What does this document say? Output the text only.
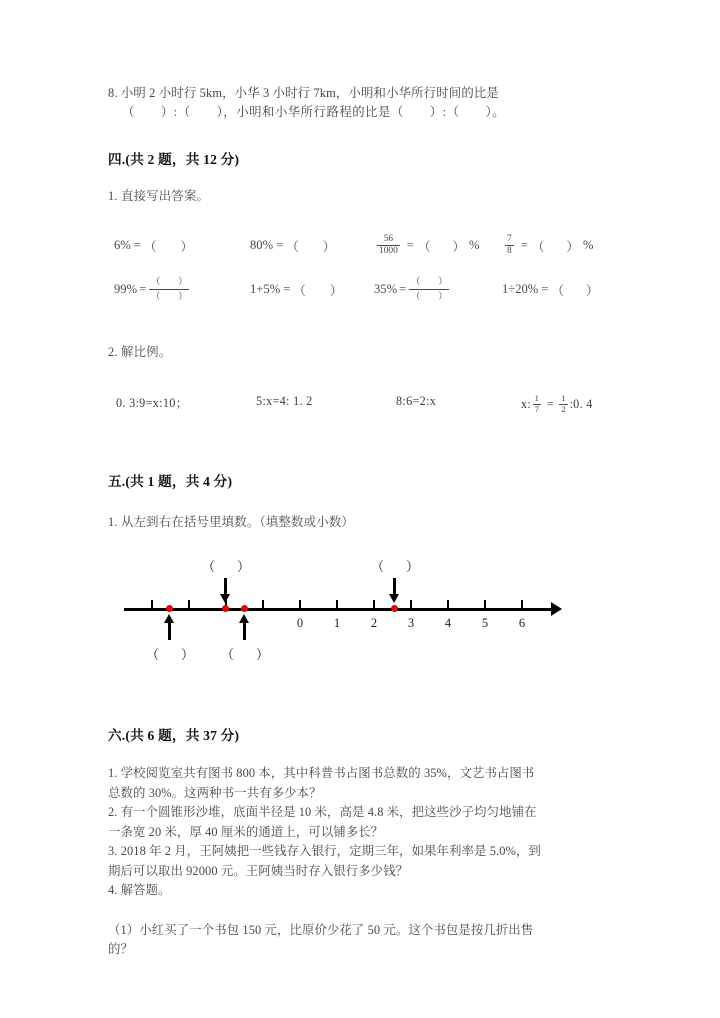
8. 小明 2 小时行 5km，小华 3 小时行 7km，小明和小华所行时间的比是
（ ）:（ ），小明和小华所行路程的比是（ ）:（ ）。
四.(共 2 题，共 12 分)
1. 直接写出答案。
6% = （ ）	80% = （ ）	$\frac{56}{1000}$ = （ ） %	$\frac{7}{8}$ = （ ） %
$99\% = \frac{( )}{( )}$	1+5% = （ ）	$35\% = \frac{( )}{( )}$	1÷20% = （ ）
2. 解比例。
0. 3:9=x:10；	5:x=4: 1. 2	8:6=2:x	x: $\frac{1}{7} = \frac{1}{2}$ :0. 4
五.(共 1 题，共 4 分)
1. 从左到右在括号里填数。（填整数或小数）
0 1 2 3 4 5 6
（ ）	（ ）
（ ） （ ）
六.(共 6 题，共 37 分)
1. 学校阅览室共有图书 800 本，其中科普书占图书总数的 35%，文艺书占图书
总数的 30%。这两种书一共有多少本？
2. 有一个圆锥形沙堆，底面半径是 10 米，高是 4.8 米，把这些沙子均匀地铺在
一条宽 20 米，厚 40 厘米的通道上，可以铺多长？
3. 2018 年 2 月，王阿姨把一些钱存入银行，定期三年，如果年利率是 5.0%，到
期后可以取出 92000 元。王阿姨当时存入银行多少钱？
4. 解答题。
（1）小红买了一个书包 150 元，比原价少花了 50 元。这个书包是按几折出售
的？
